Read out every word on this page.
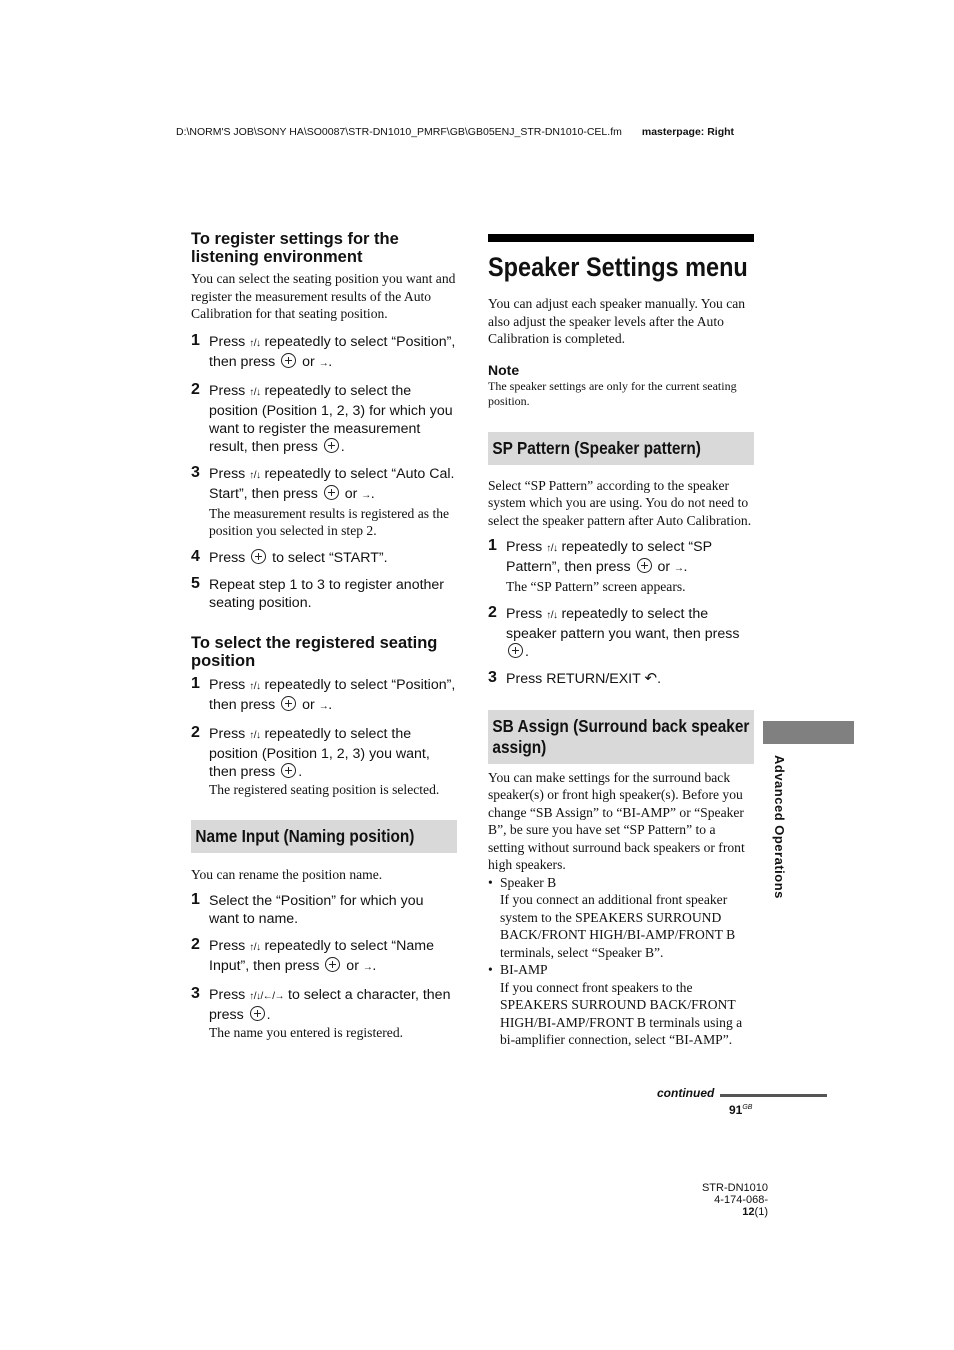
D:\NORM'S JOB\SONY HA\SO0087\STR-DN1010_PMRF\GB\GB05ENJ_STR-DN1010-CEL.fm masterpage: Right
To register settings for the listening environment

You can select the seating position you want and register the measurement results of the Auto Calibration for that seating position.

1 Press ↑/↓ repeatedly to select “Position”, then press  or →.
2 Press ↑/↓ repeatedly to select the position (Position 1, 2, 3) for which you want to register the measurement result, then press .
3 Press ↑/↓ repeatedly to select “Auto Cal. Start”, then press  or →.
The measurement results is registered as the position you selected in step 2.
4 Press  to select “START”.
5 Repeat step 1 to 3 to register another seating position.
To select the registered seating position
1 Press ↑/↓ repeatedly to select “Position”, then press  or →.
2 Press ↑/↓ repeatedly to select the position (Position 1, 2, 3) you want, then press .
The registered seating position is selected.
Name Input (Naming position)

You can rename the position name.

1 Select the “Position” for which you want to name.
2 Press ↑/↓ repeatedly to select “Name Input”, then press  or →.
3 Press ↑/↓/←/→ to select a character, then press .
The name you entered is registered.
Speaker Settings menu

You can adjust each speaker manually. You can also adjust the speaker levels after the Auto Calibration is completed.

Note

The speaker settings are only for the current seating position.

SP Pattern (Speaker pattern)

Select “SP Pattern” according to the speaker system which you are using. You do not need to select the speaker pattern after Auto Calibration.

1 Press ↑/↓ repeatedly to select “SP Pattern”, then press  or →.
The “SP Pattern” screen appears.
2 Press ↑/↓ repeatedly to select the speaker pattern you want, then press .
3 Press RETURN/EXIT ↶.
SB Assign (Surround back speaker assign)

You can make settings for the surround back speaker(s) or front high speaker(s). Before you change “SB Assign” to “BI-AMP” or “Speaker B”, be sure you have set “SP Pattern” to a setting without surround back speakers or front high speakers.

• Speaker B
If you connect an additional front speaker system to the SPEAKERS SURROUND BACK/FRONT HIGH/BI-AMP/FRONT B terminals, select “Speaker B”.
• BI-AMP
If you connect front speakers to the SPEAKERS SURROUND BACK/FRONT HIGH/BI-AMP/FRONT B terminals using a bi-amplifier connection, select “BI-AMP”.
Advanced Operations
continued
$91^{GB}$
STR-DN1010
4-174-068-12(1)
